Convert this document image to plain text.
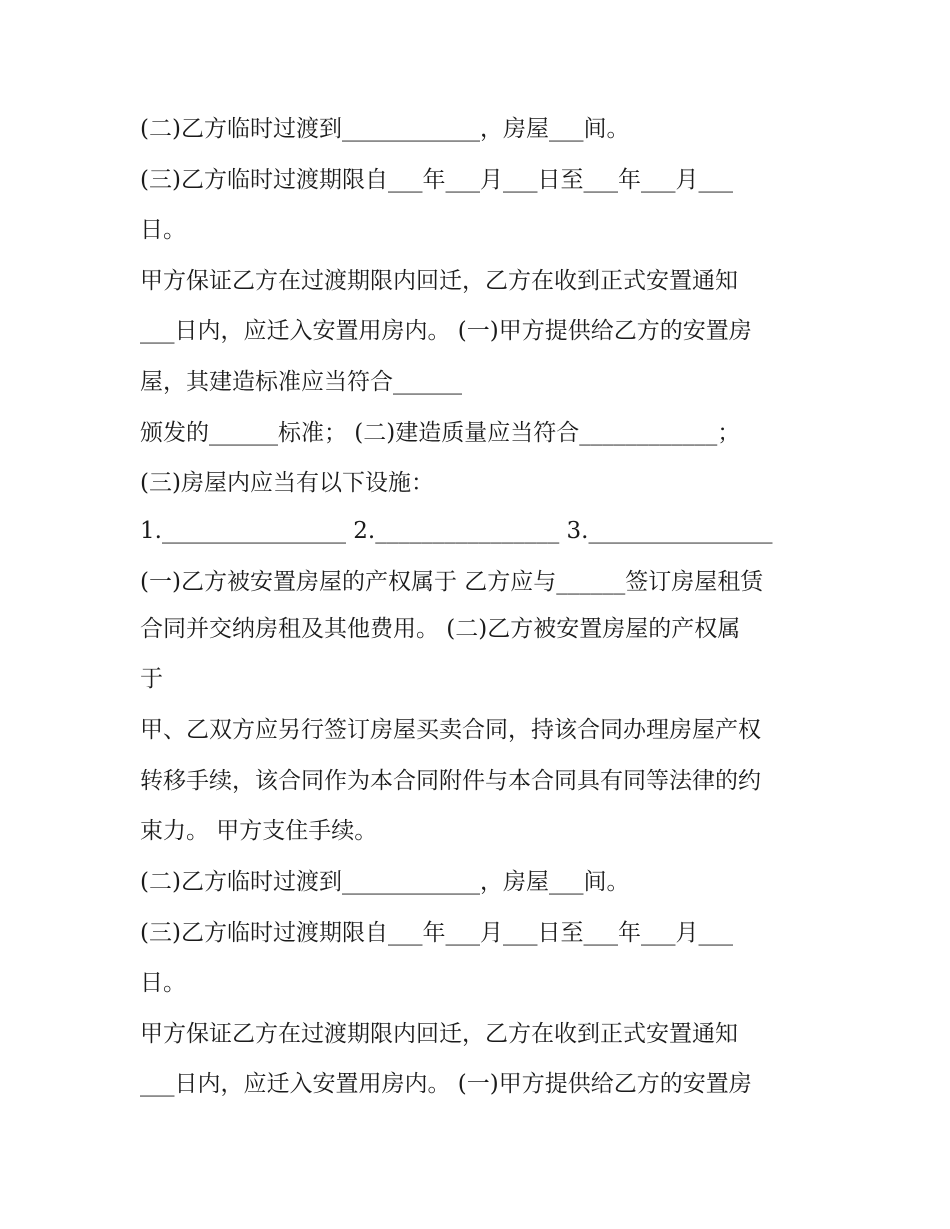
(二)乙方临时过渡到____________，房屋___间。
(三)乙方临时过渡期限自___年___月___日至___年___月___
日。
甲方保证乙方在过渡期限内回迁，乙方在收到正式安置通知
___日内，应迁入安置用房内。 (一)甲方提供给乙方的安置房
屋，其建造标准应当符合______
颁发的______标准； (二)建造质量应当符合____________；
(三)房屋内应当有以下设施：
1.________________ 2.________________ 3.________________
(一)乙方被安置房屋的产权属于 乙方应与______签订房屋租赁
合同并交纳房租及其他费用。 (二)乙方被安置房屋的产权属
于
甲、乙双方应另行签订房屋买卖合同，持该合同办理房屋产权
转移手续，该合同作为本合同附件与本合同具有同等法律的约
束力。 甲方支住手续。
(二)乙方临时过渡到____________，房屋___间。
(三)乙方临时过渡期限自___年___月___日至___年___月___
日。
甲方保证乙方在过渡期限内回迁，乙方在收到正式安置通知
___日内，应迁入安置用房内。 (一)甲方提供给乙方的安置房
